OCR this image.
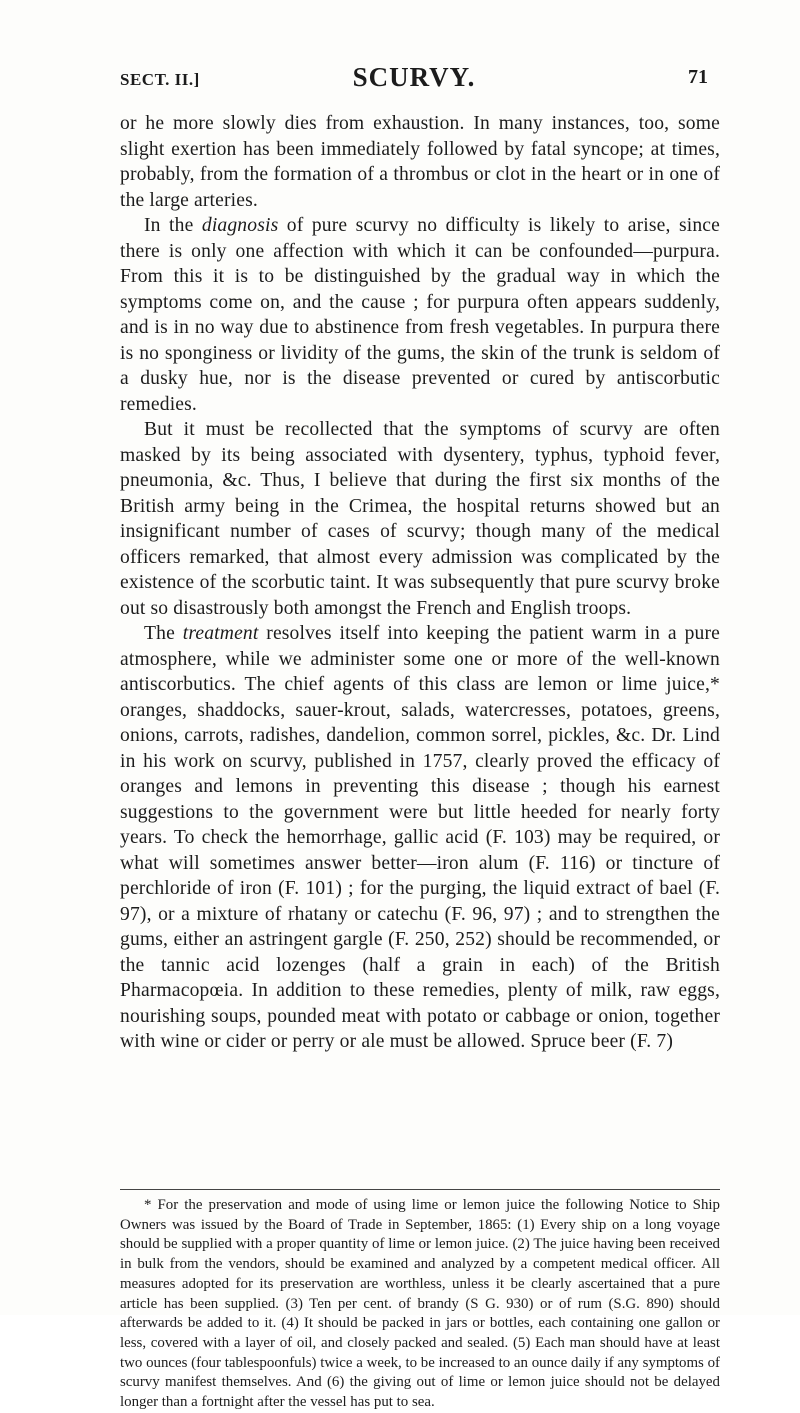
SECT. II.]	SCURVY.	71

or he more slowly dies from exhaustion. In many instances, too, some slight exertion has been immediately followed by fatal syncope; at times, probably, from the formation of a thrombus or clot in the heart or in one of the large arteries.

In the diagnosis of pure scurvy no difficulty is likely to arise, since there is only one affection with which it can be confounded—purpura. From this it is to be distinguished by the gradual way in which the symptoms come on, and the cause ; for purpura often appears suddenly, and is in no way due to abstinence from fresh vegetables. In purpura there is no sponginess or lividity of the gums, the skin of the trunk is seldom of a dusky hue, nor is the disease prevented or cured by antiscorbutic remedies.

But it must be recollected that the symptoms of scurvy are often masked by its being associated with dysentery, typhus, typhoid fever, pneumonia, &c. Thus, I believe that during the first six months of the British army being in the Crimea, the hospital returns showed but an insignificant number of cases of scurvy; though many of the medical officers remarked, that almost every admission was complicated by the existence of the scorbutic taint. It was subsequently that pure scurvy broke out so disastrously both amongst the French and English troops.

The treatment resolves itself into keeping the patient warm in a pure atmosphere, while we administer some one or more of the well-known antiscorbutics. The chief agents of this class are lemon or lime juice,* oranges, shaddocks, sauer-krout, salads, watercresses, potatoes, greens, onions, carrots, radishes, dandelion, common sorrel, pickles, &c. Dr. Lind in his work on scurvy, published in 1757, clearly proved the efficacy of oranges and lemons in preventing this disease ; though his earnest suggestions to the government were but little heeded for nearly forty years. To check the hemorrhage, gallic acid (F. 103) may be required, or what will sometimes answer better—iron alum (F. 116) or tincture of perchloride of iron (F. 101) ; for the purging, the liquid extract of bael (F. 97), or a mixture of rhatany or catechu (F. 96, 97) ; and to strengthen the gums, either an astringent gargle (F. 250, 252) should be recommended, or the tannic acid lozenges (half a grain in each) of the British Pharmacopœia. In addition to these remedies, plenty of milk, raw eggs, nourishing soups, pounded meat with potato or cabbage or onion, together with wine or cider or perry or ale must be allowed. Spruce beer (F. 7)

* For the preservation and mode of using lime or lemon juice the following Notice to Ship Owners was issued by the Board of Trade in September, 1865: (1) Every ship on a long voyage should be supplied with a proper quantity of lime or lemon juice. (2) The juice having been received in bulk from the vendors, should be examined and analyzed by a competent medical officer. All measures adopted for its preservation are worthless, unless it be clearly ascertained that a pure article has been supplied. (3) Ten per cent. of brandy (S G. 930) or of rum (S.G. 890) should afterwards be added to it. (4) It should be packed in jars or bottles, each containing one gallon or less, covered with a layer of oil, and closely packed and sealed. (5) Each man should have at least two ounces (four tablespoonfuls) twice a week, to be increased to an ounce daily if any symptoms of scurvy manifest themselves. And (6) the giving out of lime or lemon juice should not be delayed longer than a fortnight after the vessel has put to sea.
